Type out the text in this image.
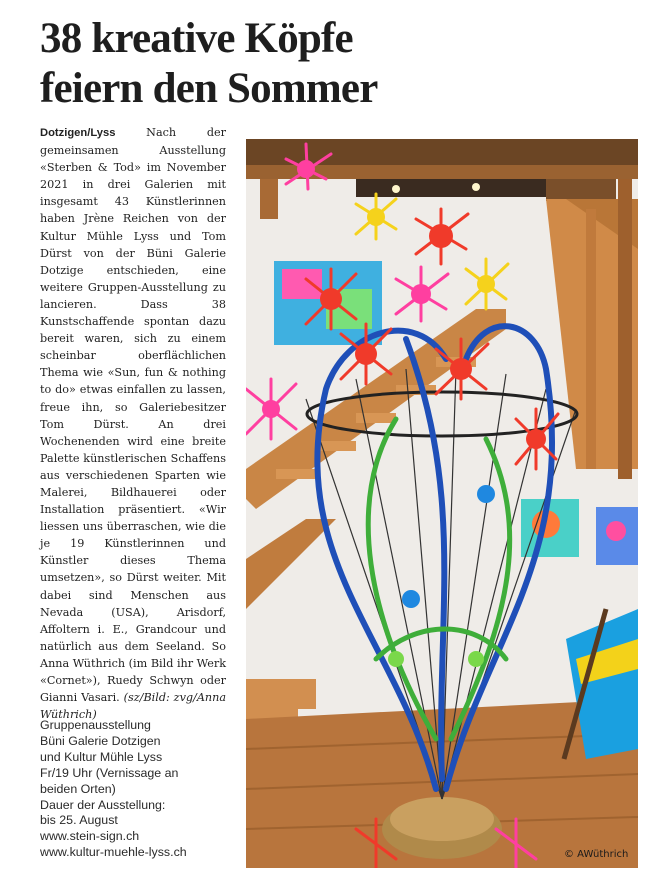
38 kreative Köpfe
feiern den Sommer
Dotzigen/Lyss Nach der gemeinsamen Ausstellung «Sterben & Tod» im November 2021 in drei Galerien mit insgesamt 43 Künstlerinnen haben Jrène Reichen von der Kultur Mühle Lyss und Tom Dürst von der Büni Galerie Dotzige entschieden, eine weitere Gruppen-Ausstellung zu lancieren. Dass 38 Kunstschaffende spontan dazu bereit waren, sich zu einem scheinbar oberflächlichen Thema wie «Sun, fun & nothing to do» etwas einfallen zu lassen, freue ihn, so Galeriebesitzer Tom Dürst. An drei Wochenenden wird eine breite Palette künstlerischen Schaffens aus verschiedenen Sparten wie Malerei, Bildhauerei oder Installation präsentiert. «Wir liessen uns überraschen, wie die je 19 Künstlerinnen und Künstler dieses Thema umsetzen», so Dürst weiter. Mit dabei sind Menschen aus Nevada (USA), Arisdorf, Affoltern i. E., Grandcour und natürlich aus dem Seeland. So Anna Wüthrich (im Bild ihr Werk «Cornet»), Ruedy Schwyn oder Gianni Vasari. (sz/Bild: zvg/Anna Wüthrich)
Gruppenausstellung
Büni Galerie Dotzigen
und Kultur Mühle Lyss
Fr/19 Uhr (Vernissage an
beiden Orten)
Dauer der Ausstellung:
bis 25. August
www.stein-sign.ch
www.kultur-muehle-lyss.ch	© AWüthrich
